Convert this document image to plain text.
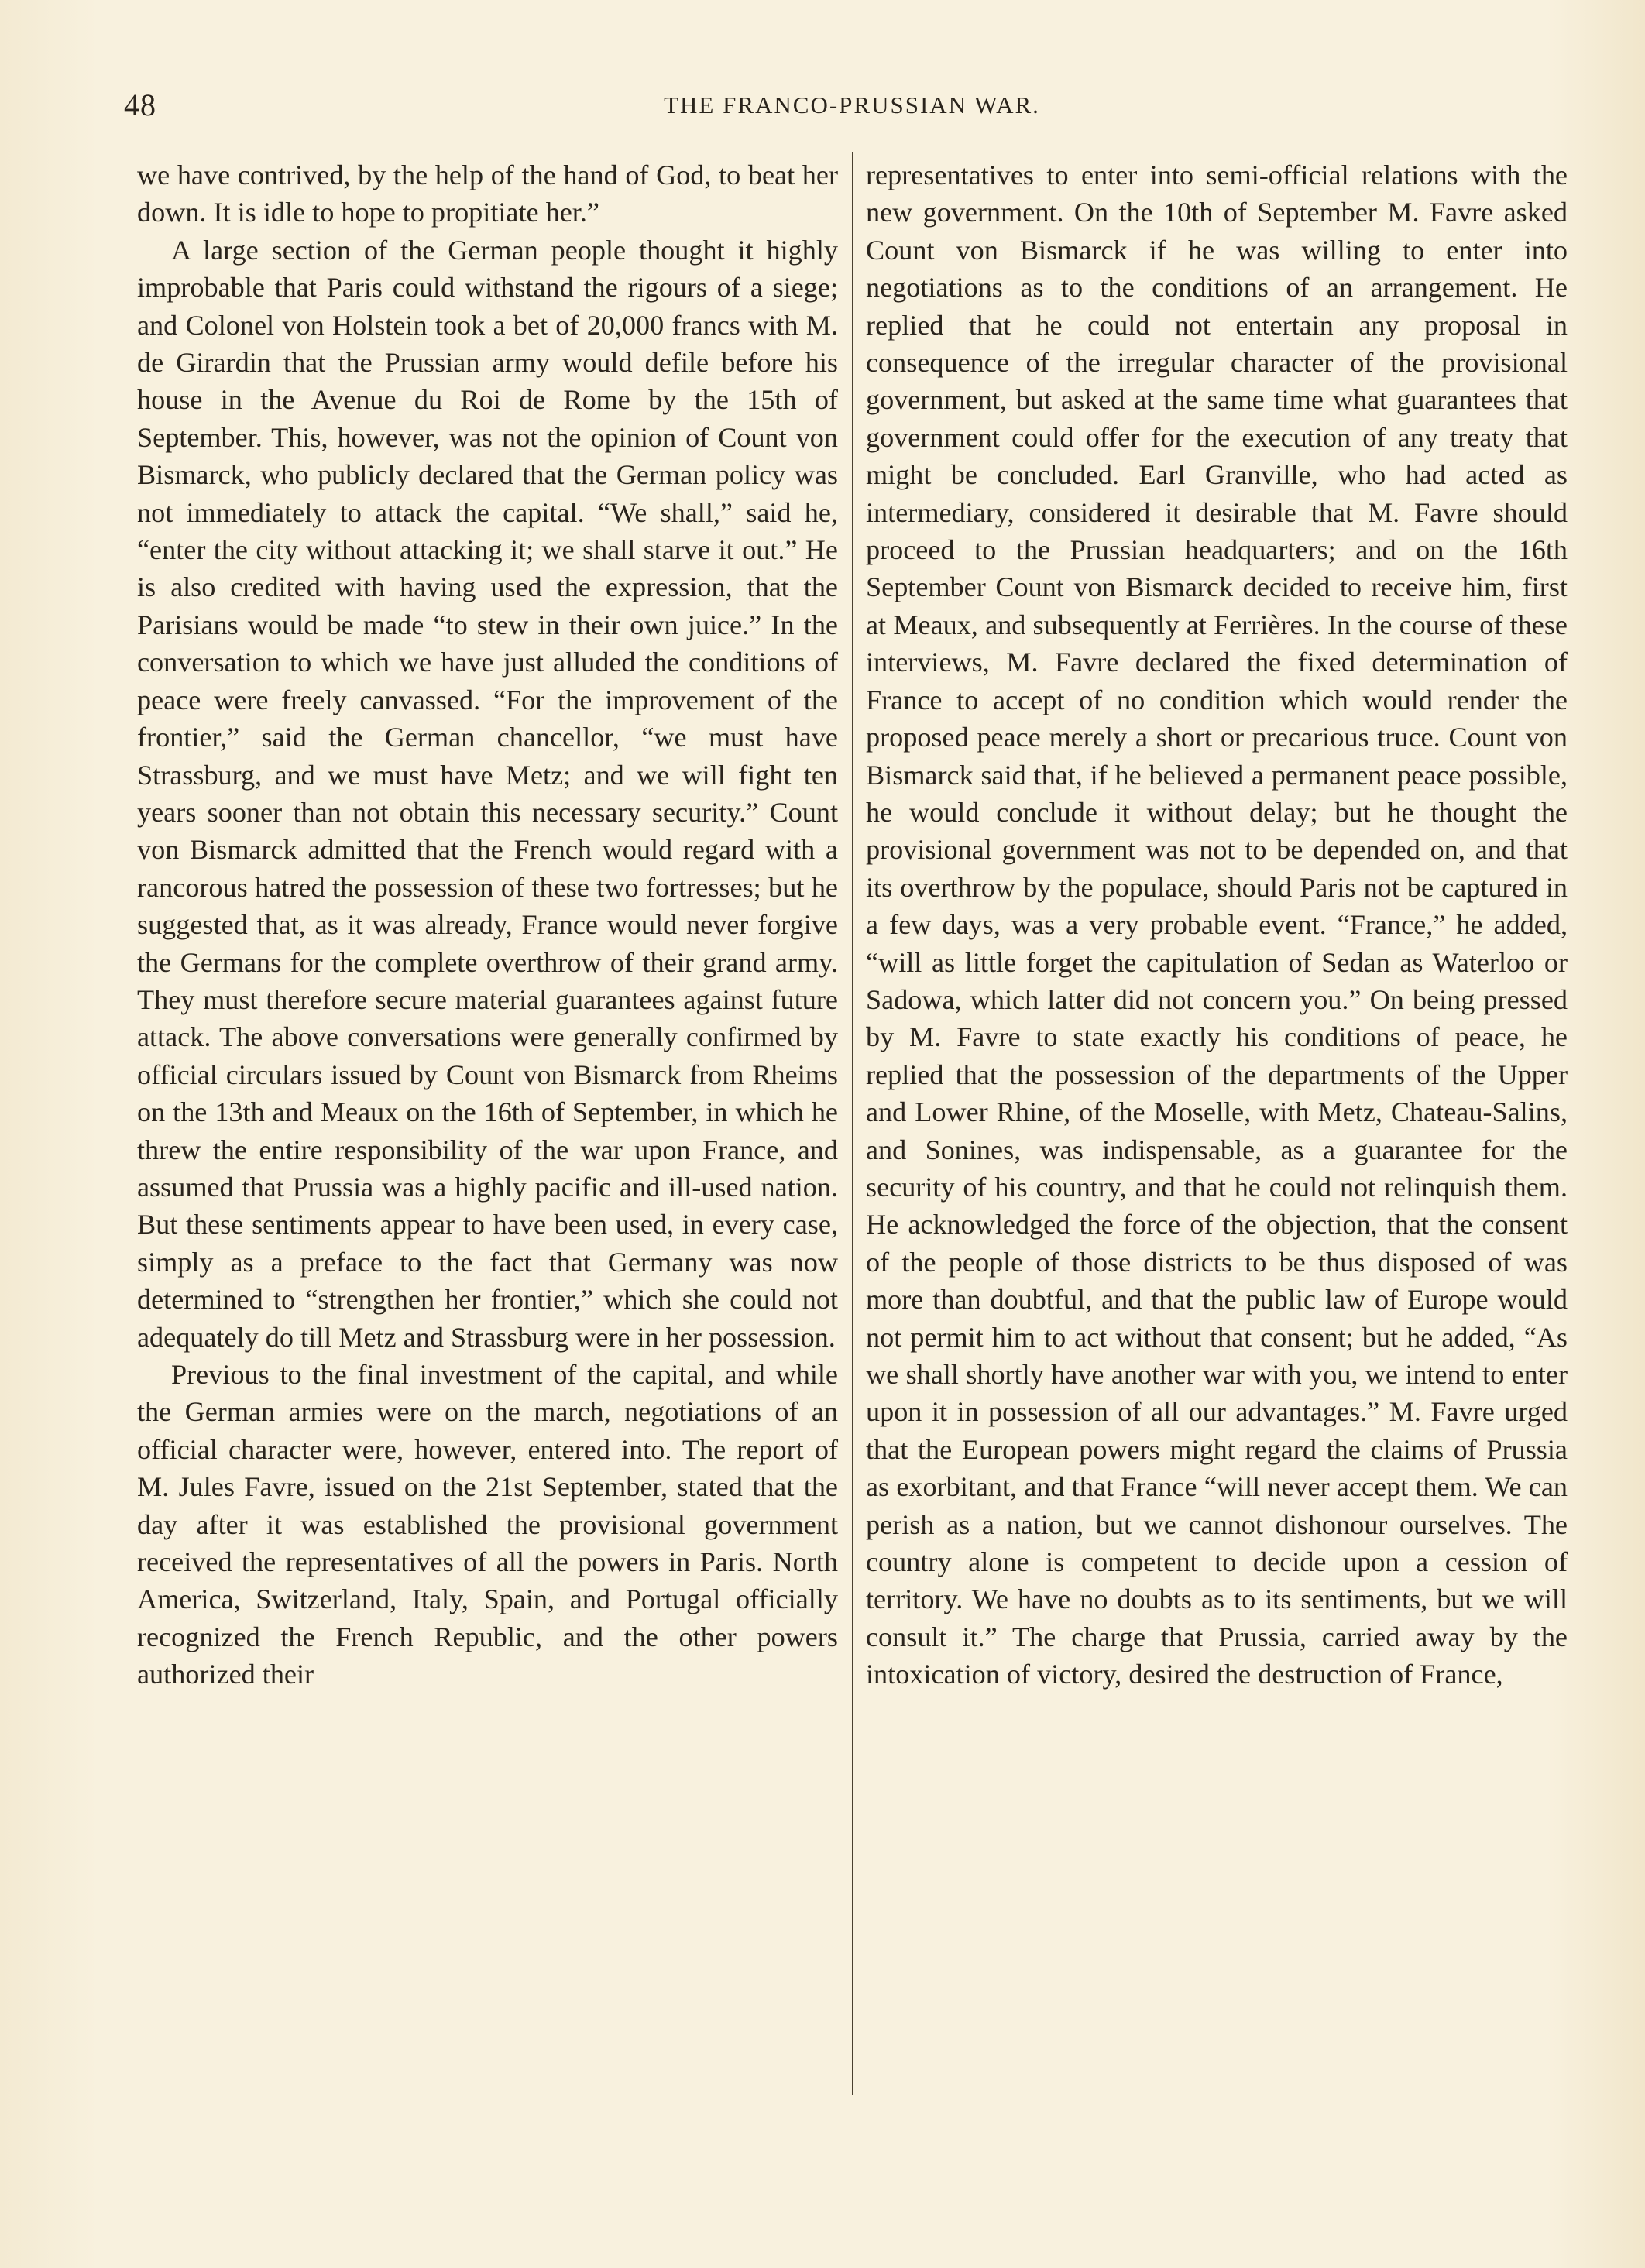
48	THE FRANCO-PRUSSIAN WAR.

we have contrived, by the help of the hand of God, to beat her down. It is idle to hope to propitiate her.”

A large section of the German people thought it highly improbable that Paris could withstand the rigours of a siege; and Colonel von Holstein took a bet of 20,000 francs with M. de Girardin that the Prussian army would defile before his house in the Avenue du Roi de Rome by the 15th of September. This, however, was not the opinion of Count von Bismarck, who publicly declared that the German policy was not immediately to attack the capital. “We shall,” said he, “enter the city without attacking it; we shall starve it out.” He is also credited with having used the expression, that the Parisians would be made “to stew in their own juice.” In the conversation to which we have just alluded the conditions of peace were freely canvassed. “For the improvement of the frontier,” said the German chancellor, “we must have Strassburg, and we must have Metz; and we will fight ten years sooner than not obtain this necessary security.” Count von Bismarck admitted that the French would regard with a rancorous hatred the possession of these two fortresses; but he suggested that, as it was already, France would never forgive the Germans for the complete overthrow of their grand army. They must therefore secure material guarantees against future attack. The above conversations were generally confirmed by official circulars issued by Count von Bismarck from Rheims on the 13th and Meaux on the 16th of September, in which he threw the entire responsibility of the war upon France, and assumed that Prussia was a highly pacific and ill-used nation. But these sentiments appear to have been used, in every case, simply as a preface to the fact that Germany was now determined to “strengthen her frontier,” which she could not adequately do till Metz and Strassburg were in her possession.

Previous to the final investment of the capital, and while the German armies were on the march, negotiations of an official character were, however, entered into. The report of M. Jules Favre, issued on the 21st September, stated that the day after it was established the provisional government received the representatives of all the powers in Paris. North America, Switzerland, Italy, Spain, and Portugal officially recognized the French Republic, and the other powers authorized their

representatives to enter into semi-official relations with the new government. On the 10th of September M. Favre asked Count von Bismarck if he was willing to enter into negotiations as to the conditions of an arrangement. He replied that he could not entertain any proposal in consequence of the irregular character of the provisional government, but asked at the same time what guarantees that government could offer for the execution of any treaty that might be concluded. Earl Granville, who had acted as intermediary, considered it desirable that M. Favre should proceed to the Prussian headquarters; and on the 16th September Count von Bismarck decided to receive him, first at Meaux, and subsequently at Ferrières. In the course of these interviews, M. Favre declared the fixed determination of France to accept of no condition which would render the proposed peace merely a short or precarious truce. Count von Bismarck said that, if he believed a permanent peace possible, he would conclude it without delay; but he thought the provisional government was not to be depended on, and that its overthrow by the populace, should Paris not be captured in a few days, was a very probable event. “France,” he added, “will as little forget the capitulation of Sedan as Waterloo or Sadowa, which latter did not concern you.” On being pressed by M. Favre to state exactly his conditions of peace, he replied that the possession of the departments of the Upper and Lower Rhine, of the Moselle, with Metz, Chateau-Salins, and Sonines, was indispensable, as a guarantee for the security of his country, and that he could not relinquish them. He acknowledged the force of the objection, that the consent of the people of those districts to be thus disposed of was more than doubtful, and that the public law of Europe would not permit him to act without that consent; but he added, “As we shall shortly have another war with you, we intend to enter upon it in possession of all our advantages.” M. Favre urged that the European powers might regard the claims of Prussia as exorbitant, and that France “will never accept them. We can perish as a nation, but we cannot dishonour ourselves. The country alone is competent to decide upon a cession of territory. We have no doubts as to its sentiments, but we will consult it.” The charge that Prussia, carried away by the intoxication of victory, desired the destruction of France,
